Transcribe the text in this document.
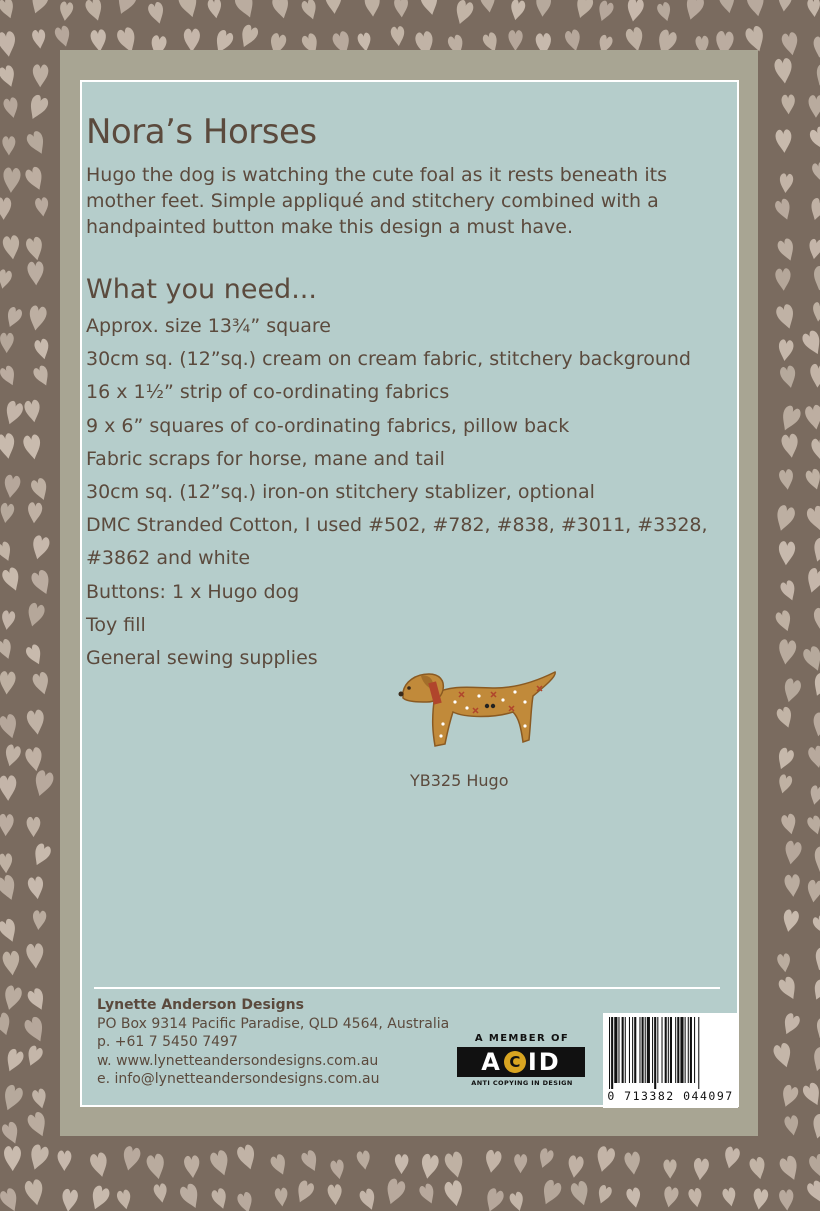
Nora’s Horses
Hugo the dog is watching the cute foal as it rests beneath its
mother feet. Simple appliqué and stitchery combined with a
handpainted button make this design a must have.
What you need...
Approx. size 13¾” square
30cm sq. (12”sq.) cream on cream fabric, stitchery background
16 x 1½” strip of co-ordinating fabrics
9 x 6” squares of co-ordinating fabrics, pillow back
Fabric scraps for horse, mane and tail
30cm sq. (12”sq.) iron-on stitchery stablizer, optional
DMC Stranded Cotton, I used #502, #782, #838, #3011, #3328,
#3862 and white
Buttons: 1 x Hugo dog
Toy fill
General sewing supplies
YB325 Hugo
Lynette Anderson Designs
PO Box 9314 Pacific Paradise, QLD 4564, Australia
p. +61 7 5450 7497
w. www.lynetteandersondesigns.com.au
e. info@lynetteandersondesigns.com.au
A MEMBER OF
A C ID
ANTI COPYING IN DESIGN
0 713382 044097
